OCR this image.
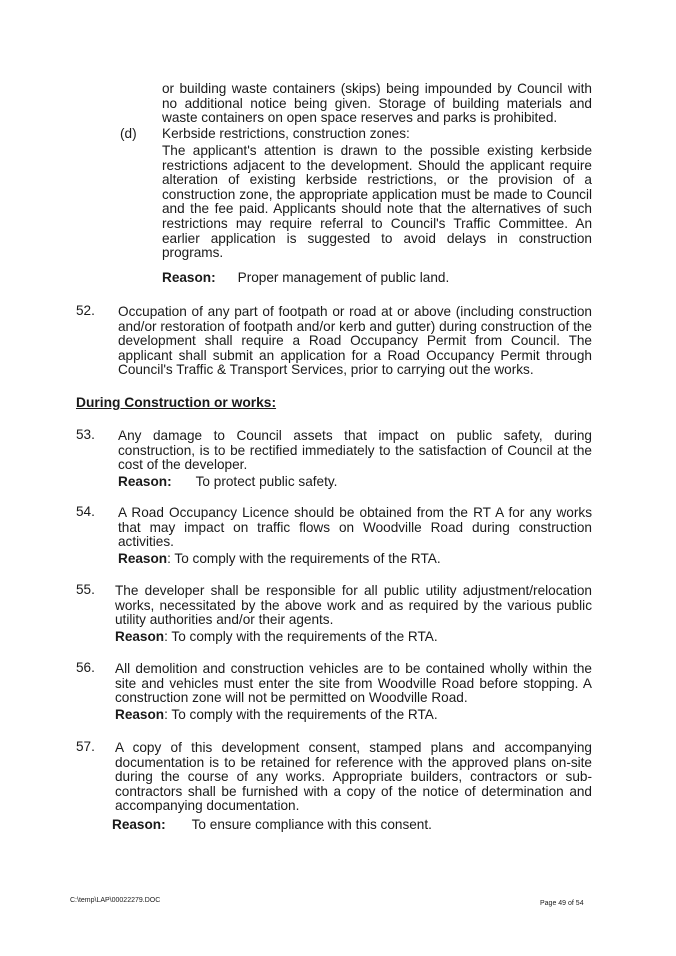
or building waste containers (skips) being impounded by Council with no additional notice being given. Storage of building materials and waste containers on open space reserves and parks is prohibited.
(d) Kerbside restrictions, construction zones:
The applicant's attention is drawn to the possible existing kerbside restrictions adjacent to the development. Should the applicant require alteration of existing kerbside restrictions, or the provision of a construction zone, the appropriate application must be made to Council and the fee paid. Applicants should note that the alternatives of such restrictions may require referral to Council's Traffic Committee. An earlier application is suggested to avoid delays in construction programs.
Reason: Proper management of public land.
52. Occupation of any part of footpath or road at or above (including construction and/or restoration of footpath and/or kerb and gutter) during construction of the development shall require a Road Occupancy Permit from Council. The applicant shall submit an application for a Road Occupancy Permit through Council's Traffic & Transport Services, prior to carrying out the works.
During Construction or works:
53. Any damage to Council assets that impact on public safety, during construction, is to be rectified immediately to the satisfaction of Council at the cost of the developer.
Reason: To protect public safety.
54. A Road Occupancy Licence should be obtained from the RT A for any works that may impact on traffic flows on Woodville Road during construction activities.
Reason: To comply with the requirements of the RTA.
55. The developer shall be responsible for all public utility adjustment/relocation works, necessitated by the above work and as required by the various public utility authorities and/or their agents.
Reason: To comply with the requirements of the RTA.
56. All demolition and construction vehicles are to be contained wholly within the site and vehicles must enter the site from Woodville Road before stopping. A construction zone will not be permitted on Woodville Road.
Reason: To comply with the requirements of the RTA.
57. A copy of this development consent, stamped plans and accompanying documentation is to be retained for reference with the approved plans on-site during the course of any works. Appropriate builders, contractors or sub-contractors shall be furnished with a copy of the notice of determination and accompanying documentation.
Reason: To ensure compliance with this consent.
C:\temp\LAP\00022279.DOC	Page 49 of 54
